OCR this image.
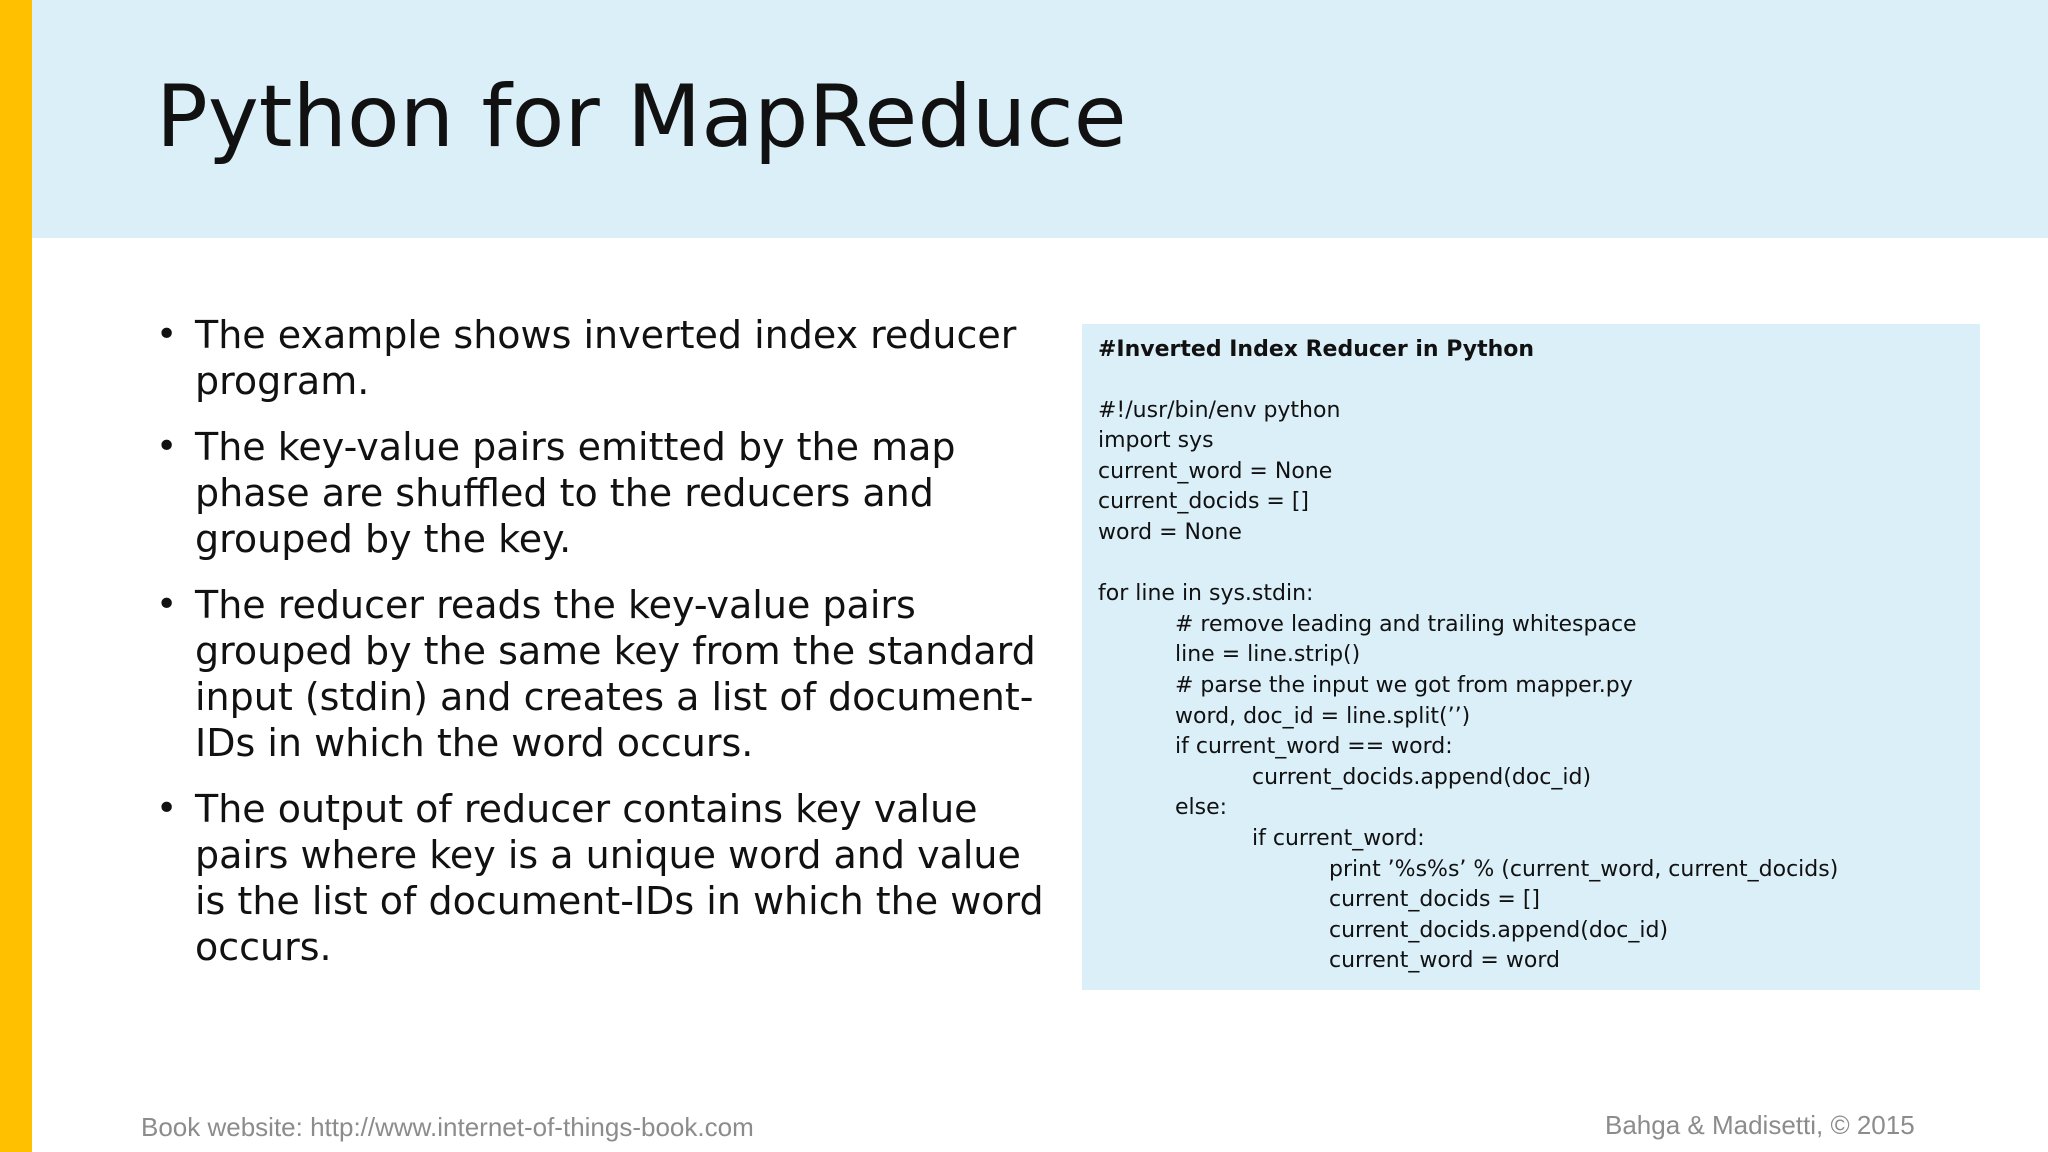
Python for MapReduce
• The example shows inverted index reducer program.
• The key-value pairs emitted by the map phase are shuffled to the reducers and grouped by the key.
• The reducer reads the key-value pairs grouped by the same key from the standard input (stdin) and creates a list of document-IDs in which the word occurs.
• The output of reducer contains key value pairs where key is a unique word and value is the list of document-IDs in which the word occurs.
#Inverted Index Reducer in Python
#!/usr/bin/env python
import sys
current_word = None
current_docids = []
word = None
for line in sys.stdin:
# remove leading and trailing whitespace
line = line.strip()
# parse the input we got from mapper.py
word, doc_id = line.split(’’)
if current_word == word:
current_docids.append(doc_id)
else:
if current_word:
print ’%s%s’ % (current_word, current_docids)
current_docids = []
current_docids.append(doc_id)
current_word = word
Book website: http://www.internet-of-things-book.com	Bahga & Madisetti, © 2015
